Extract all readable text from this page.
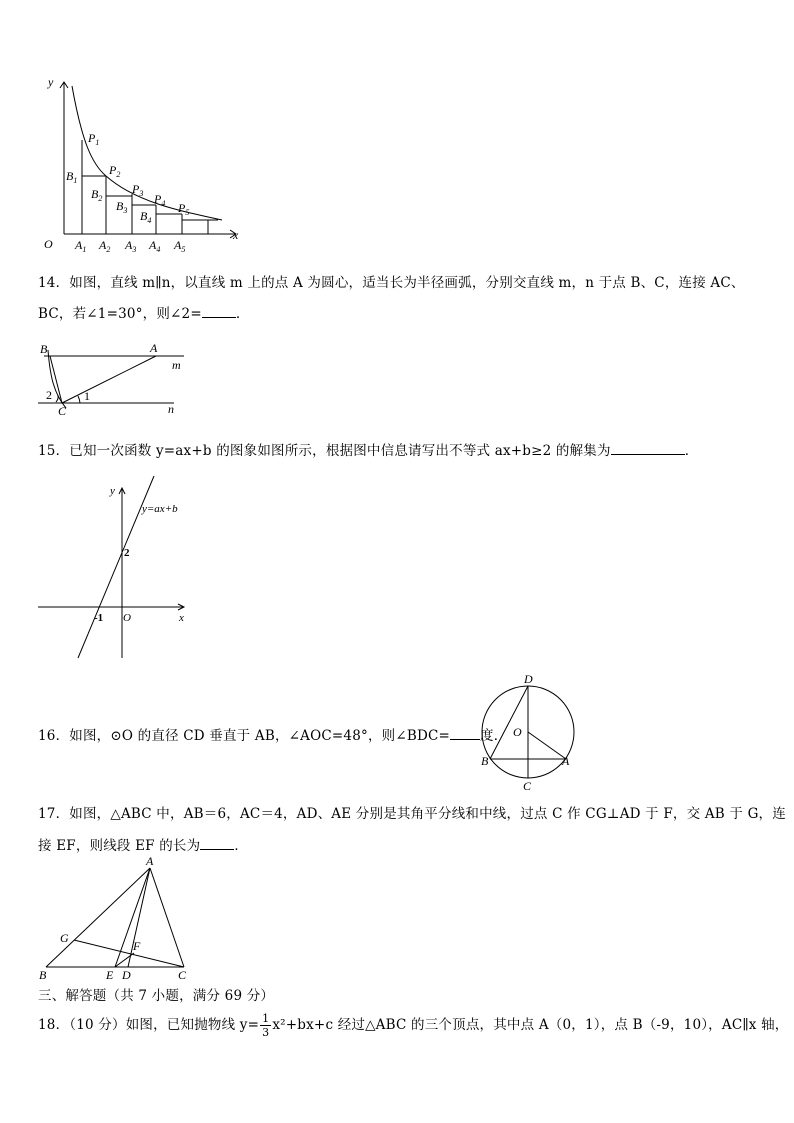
y
x
O
$P_1$
$P_2$
$P_3$ $P_4$ $P_5$
$B_1$
$B_2$
$B_3$ $B_4$
$A_1$ $A_2$ $A_3$ $A_4$ $A_5$
14．如图，直线 m∥n，以直线 m 上的点 A 为圆心，适当长为半径画弧，分别交直线 m，n 于点 B、C，连接 AC、
BC，若∠1=30°，则∠2=	．
B	A
m
2	1
C	n
15．已知一次函数 y=ax+b 的图象如图所示，根据图中信息请写出不等式 ax+b≥2 的解集为	．
y
y=ax+b
2
-1 O	x
16．如图，⊙O 的直径 CD 垂直于 AB，∠AOC=48°，则∠BDC= 度．
D
O
B	A
C
17．如图，△ABC 中，AB＝6，AC＝4，AD、AE 分别是其角平分线和中线，过点 C 作 CG⊥AD 于 F，交 AB 于 G，连
接 EF，则线段 EF 的长为	．
A
G
F
B	E D	C
三、解答题（共 7 小题，满分 69 分）
18．（10 分）如图，已知抛物线 $y= \frac{1}{3} x^2+bx+c$ 经过△ABC 的三个顶点，其中点 A（0，1），点 B（-9，10），AC∥x 轴，
